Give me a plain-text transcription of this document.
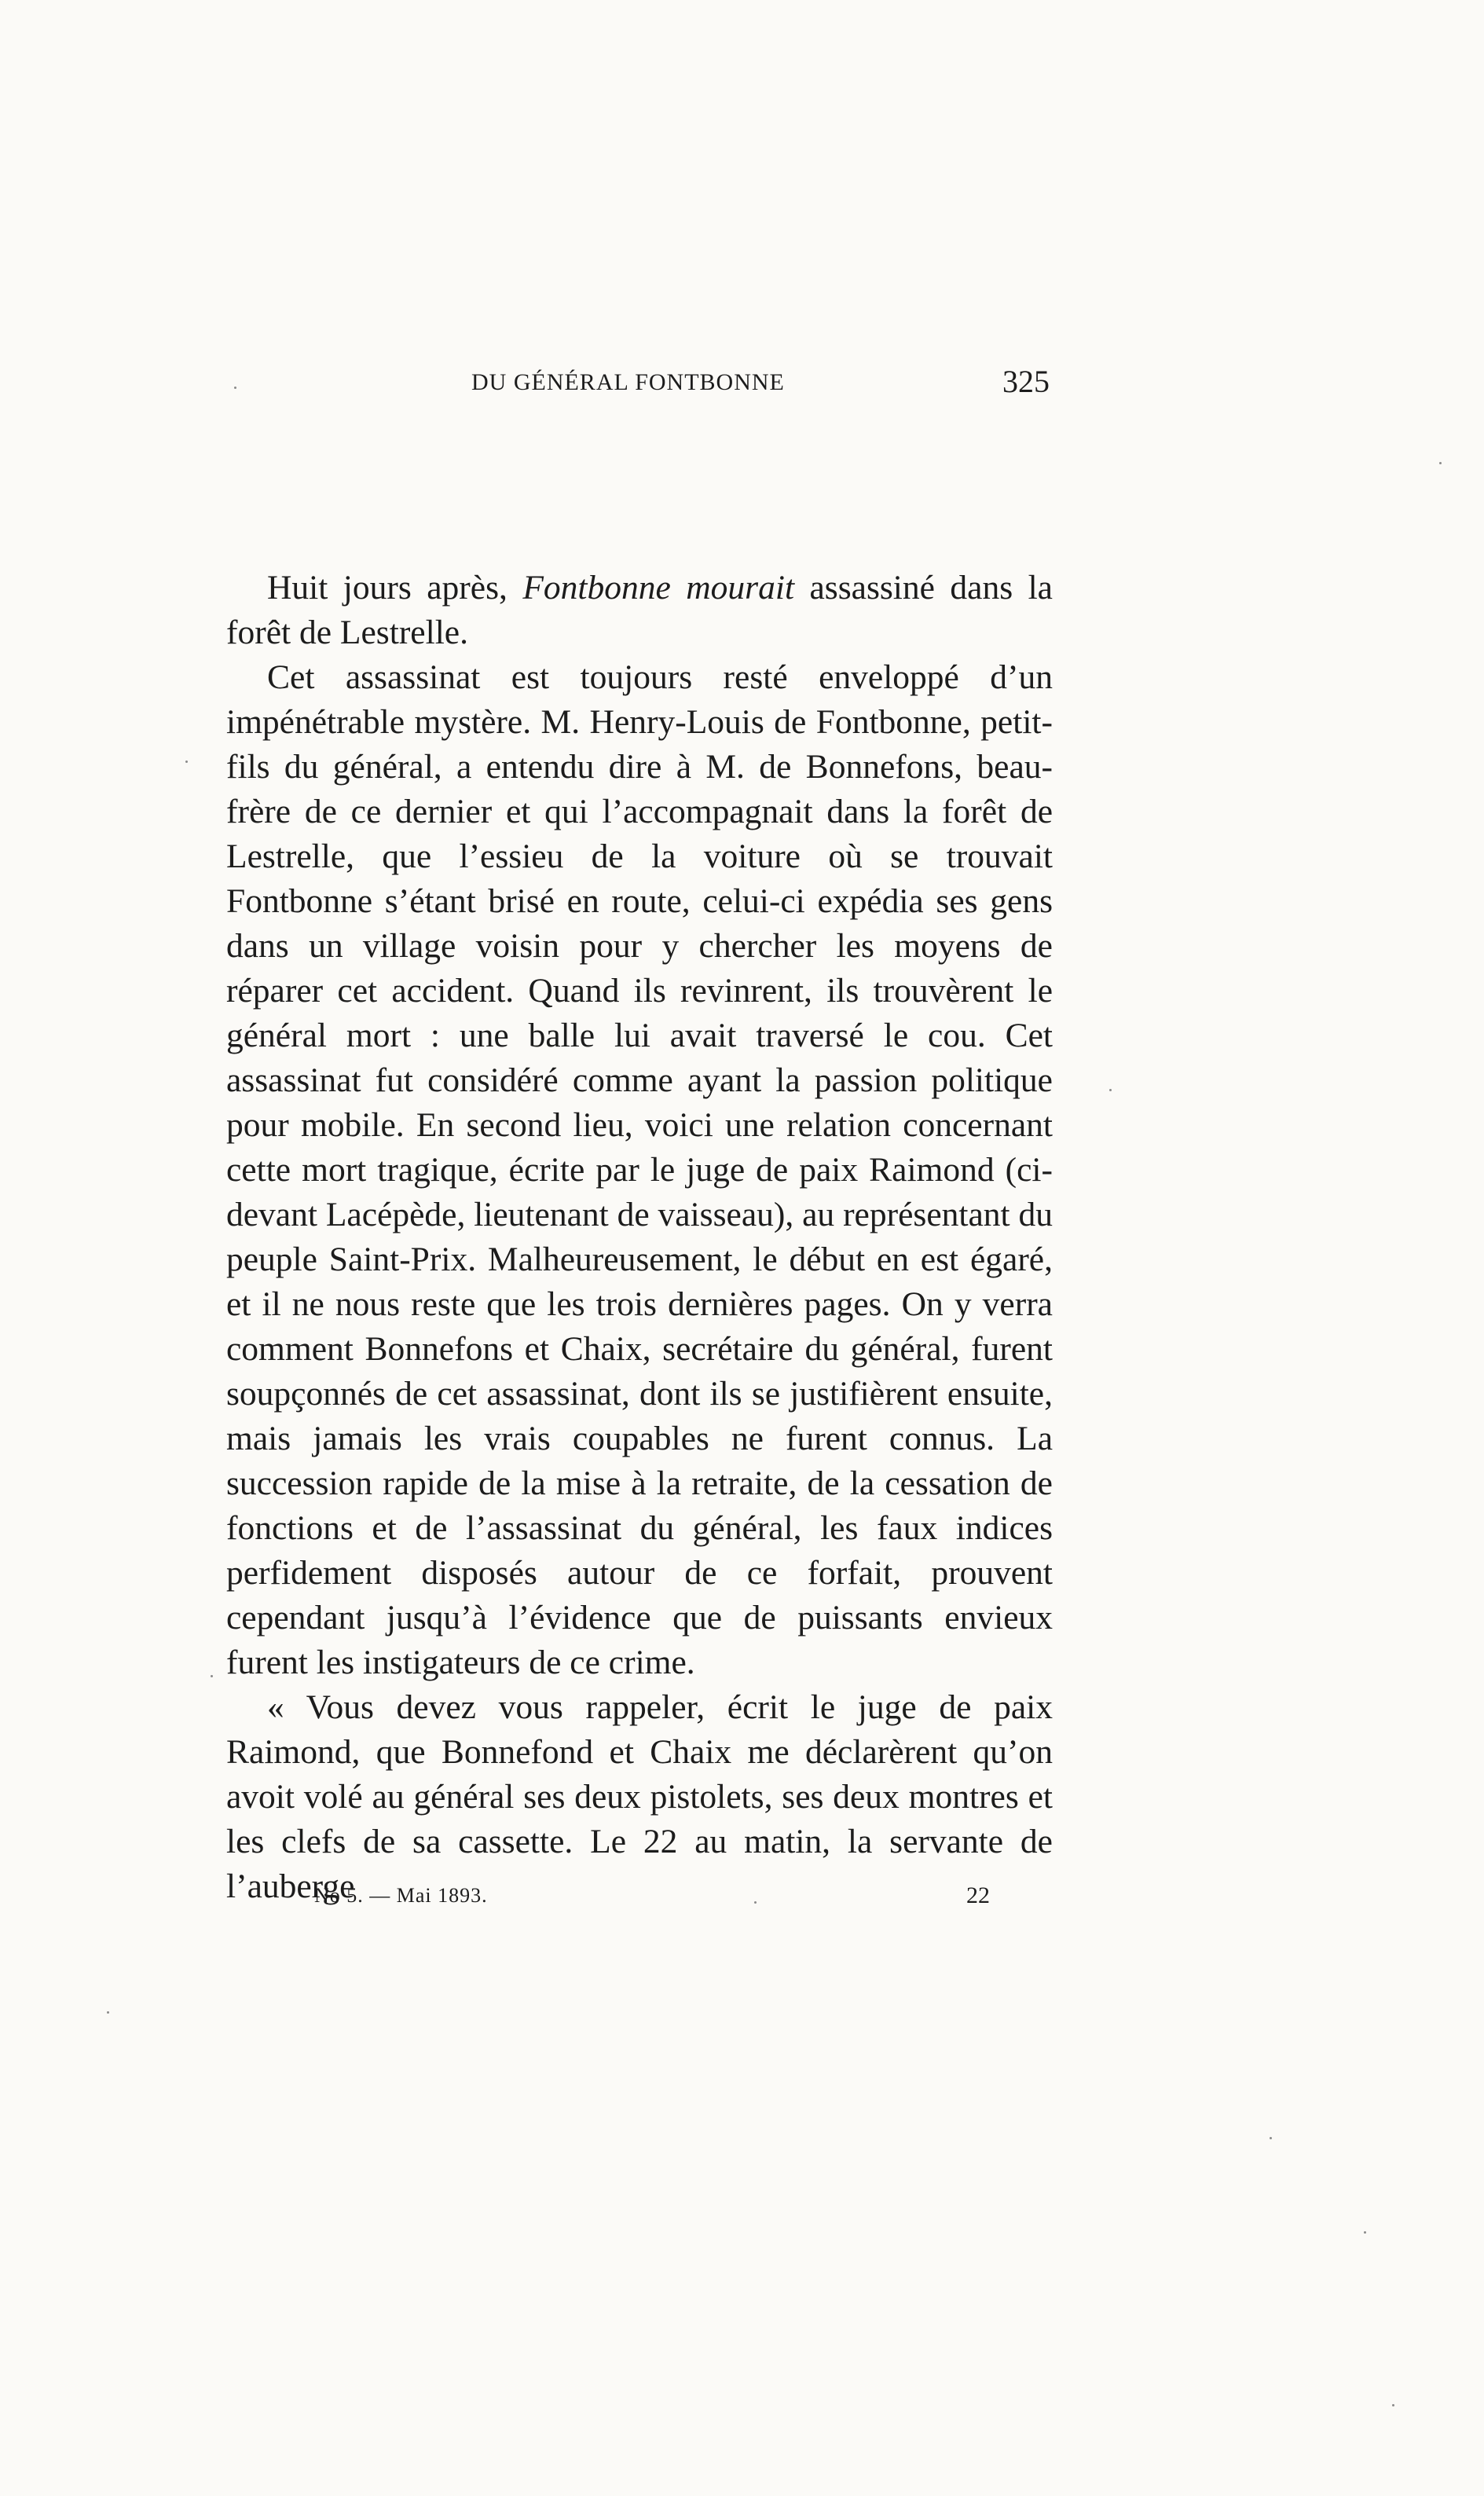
DU GÉNÉRAL FONTBONNE	325

Huit jours après, Fontbonne mourait assassiné dans la forêt de Lestrelle.

Cet assassinat est toujours resté enveloppé d’un impénétrable mystère. M. Henry-Louis de Fontbonne, petit-fils du général, a entendu dire à M. de Bonnefons, beau-frère de ce dernier et qui l’accompagnait dans la forêt de Lestrelle, que l’essieu de la voiture où se trouvait Fontbonne s’étant brisé en route, celui-ci expédia ses gens dans un village voisin pour y chercher les moyens de réparer cet accident. Quand ils revinrent, ils trouvèrent le général mort : une balle lui avait traversé le cou. Cet assassinat fut considéré comme ayant la passion politique pour mobile. En second lieu, voici une relation concernant cette mort tragique, écrite par le juge de paix Raimond (ci-devant Lacépède, lieutenant de vaisseau), au représentant du peuple Saint-Prix. Malheureusement, le début en est égaré, et il ne nous reste que les trois dernières pages. On y verra comment Bonnefons et Chaix, secrétaire du général, furent soupçonnés de cet assassinat, dont ils se justifièrent ensuite, mais jamais les vrais coupables ne furent connus. La succession rapide de la mise à la retraite, de la cessation de fonctions et de l’assassinat du général, les faux indices perfidement disposés autour de ce forfait, prouvent cependant jusqu’à l’évidence que de puissants envieux furent les instigateurs de ce crime.

« Vous devez vous rappeler, écrit le juge de paix Raimond, que Bonnefond et Chaix me déclarèrent qu’on avoit volé au général ses deux pistolets, ses deux montres et les clefs de sa cassette. Le 22 au matin, la servante de l’auberge

No 5. — Mai 1893.	22
